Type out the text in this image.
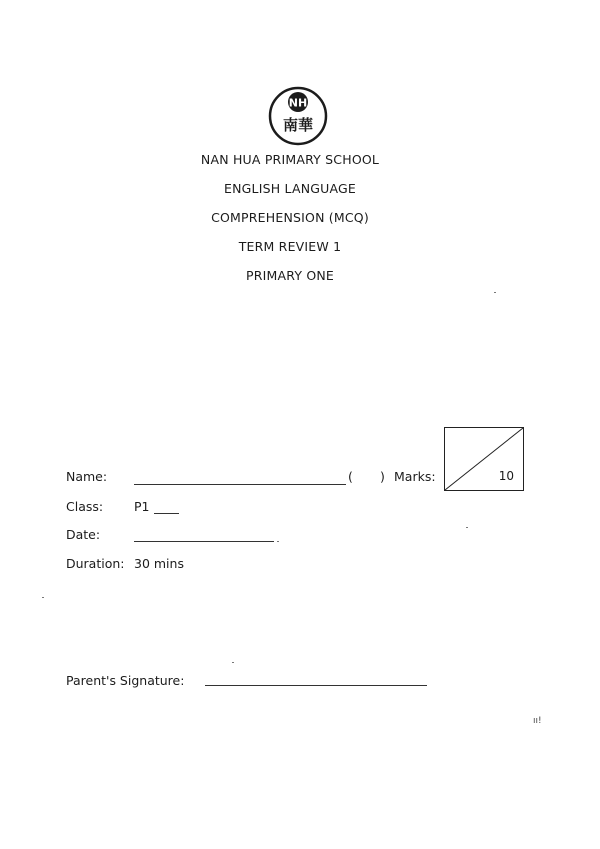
NH
南華
NAN HUA PRIMARY SCHOOL
ENGLISH LANGUAGE
COMPREHENSION (MCQ)
TERM REVIEW 1
PRIMARY ONE
Name:	( ) Marks:	10
Class: P1
Date:
Duration: 30 mins
Parent's Signature:
ıı!
